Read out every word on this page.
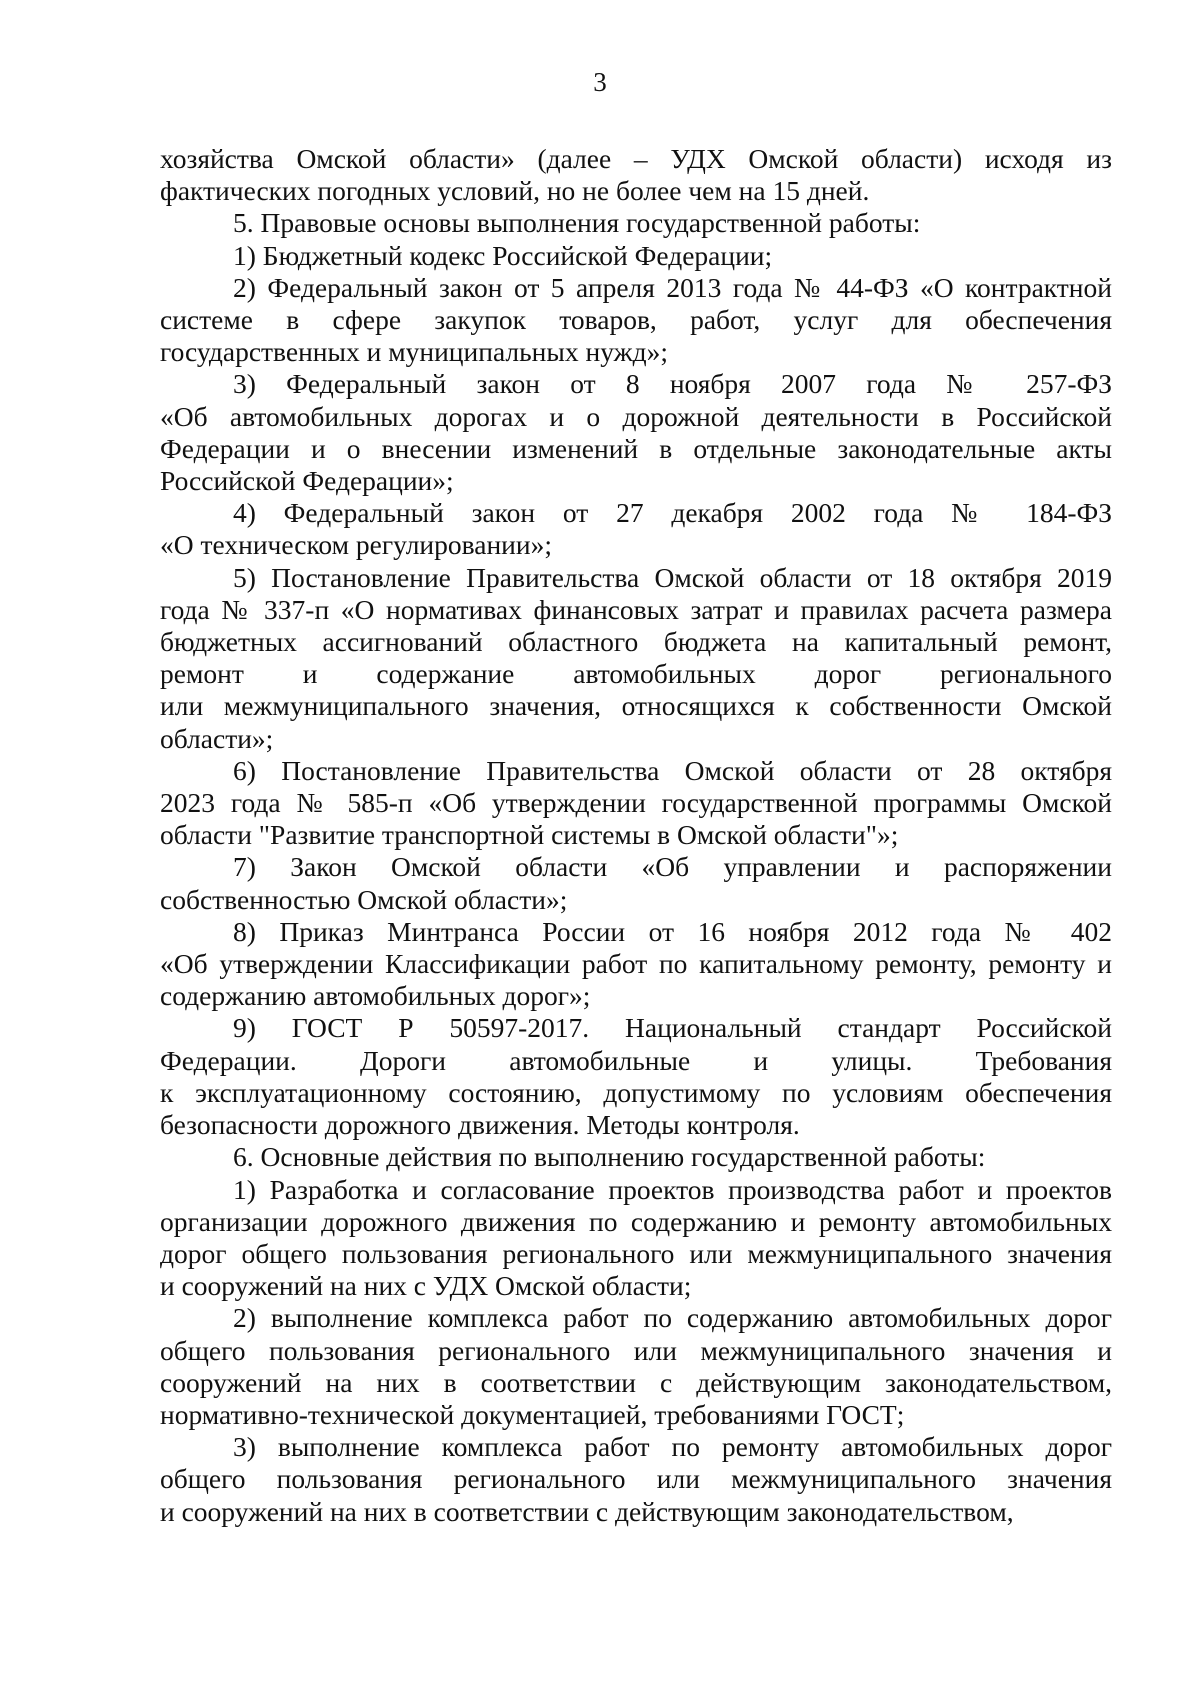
3

хозяйства Омской области» (далее – УДХ Омской области) исходя из
фактических погодных условий, но не более чем на 15 дней.

5. Правовые основы выполнения государственной работы:

1) Бюджетный кодекс Российской Федерации;

2) Федеральный закон от 5 апреля 2013 года № 44-ФЗ «О контрактной
системе в сфере закупок товаров, работ, услуг для обеспечения
государственных и муниципальных нужд»;

3) Федеральный закон от 8 ноября 2007 года № 257-ФЗ
«Об автомобильных дорогах и о дорожной деятельности в Российской
Федерации и о внесении изменений в отдельные законодательные акты
Российской Федерации»;

4) Федеральный закон от 27 декабря 2002 года № 184-ФЗ
«О техническом регулировании»;

5) Постановление Правительства Омской области от 18 октября 2019
года № 337-п «О нормативах финансовых затрат и правилах расчета размера
бюджетных ассигнований областного бюджета на капитальный ремонт,
ремонт и содержание автомобильных дорог регионального
или межмуниципального значения, относящихся к собственности Омской
области»;

6) Постановление Правительства Омской области от 28 октября
2023 года № 585-п «Об утверждении государственной программы Омской
области "Развитие транспортной системы в Омской области"»;

7) Закон Омской области «Об управлении и распоряжении
собственностью Омской области»;

8) Приказ Минтранса России от 16 ноября 2012 года № 402
«Об утверждении Классификации работ по капитальному ремонту, ремонту и
содержанию автомобильных дорог»;

9) ГОСТ Р 50597-2017. Национальный стандарт Российской
Федерации. Дороги автомобильные и улицы. Требования
к эксплуатационному состоянию, допустимому по условиям обеспечения
безопасности дорожного движения. Методы контроля.

6. Основные действия по выполнению государственной работы:

1) Разработка и согласование проектов производства работ и проектов
организации дорожного движения по содержанию и ремонту автомобильных
дорог общего пользования регионального или межмуниципального значения
и сооружений на них с УДХ Омской области;

2) выполнение комплекса работ по содержанию автомобильных дорог
общего пользования регионального или межмуниципального значения и
сооружений на них в соответствии с действующим законодательством,
нормативно-технической документацией, требованиями ГОСТ;

3) выполнение комплекса работ по ремонту автомобильных дорог
общего пользования регионального или межмуниципального значения
и сооружений на них в соответствии с действующим законодательством,
